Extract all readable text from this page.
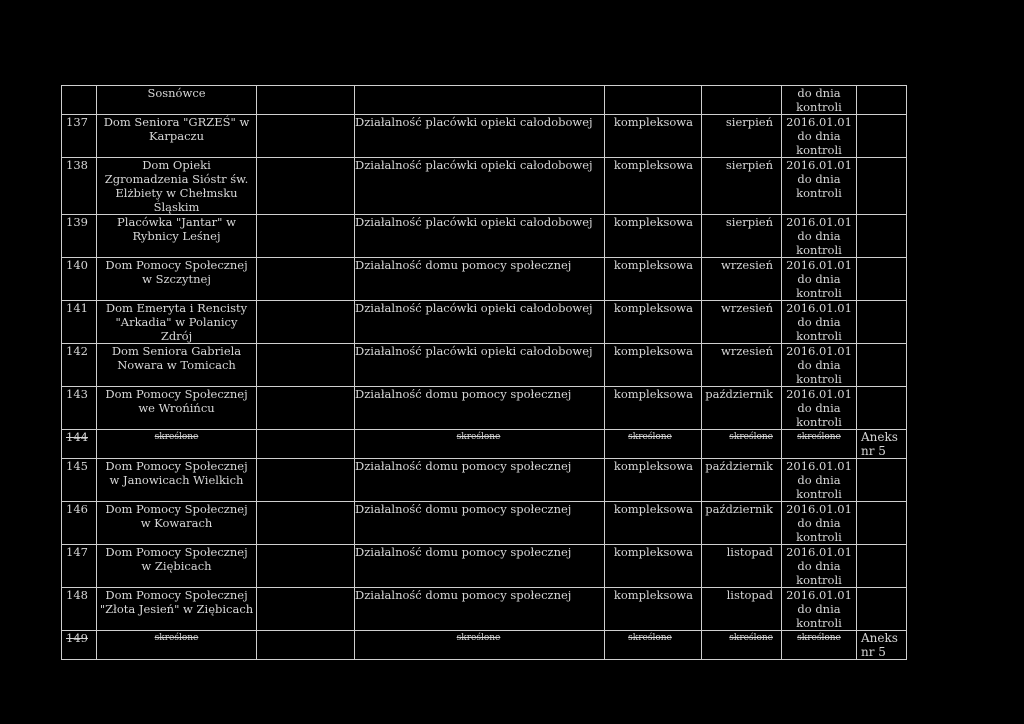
	Sosnówce					do dnia kontroli	
137	Dom Seniora "GRZEŚ" w Karpaczu		Działalność placówki opieki całodobowej	kompleksowa	sierpień	2016.01.01 do dnia kontroli	
138	Dom Opieki Zgromadzenia Sióstr św. Elżbiety w Chełmsku Śląskim		Działalność placówki opieki całodobowej	kompleksowa	sierpień	2016.01.01 do dnia kontroli	
139	Placówka "Jantar" w Rybnicy Leśnej		Działalność placówki opieki całodobowej	kompleksowa	sierpień	2016.01.01 do dnia kontroli	
140	Dom Pomocy Społecznej w Szczytnej		Działalność domu pomocy społecznej	kompleksowa	wrzesień	2016.01.01 do dnia kontroli	
141	Dom Emeryta i Rencisty "Arkadia" w Polanicy Zdrój		Działalność placówki opieki całodobowej	kompleksowa	wrzesień	2016.01.01 do dnia kontroli	
142	Dom Seniora Gabriela Nowara w Tomicach		Działalność placówki opieki całodobowej	kompleksowa	wrzesień	2016.01.01 do dnia kontroli	
143	Dom Pomocy Społecznej we Wrońińcu		Działalność domu pomocy społecznej	kompleksowa	październik	2016.01.01 do dnia kontroli	
144	skreślone		skreślone	skreślone	skreślone	skreślone	Aneks nr 5
145	Dom Pomocy Społecznej w Janowicach Wielkich		Działalność domu pomocy społecznej	kompleksowa	październik	2016.01.01 do dnia kontroli	
146	Dom Pomocy Społecznej w Kowarach		Działalność domu pomocy społecznej	kompleksowa	październik	2016.01.01 do dnia kontroli	
147	Dom Pomocy Społecznej w Ziębicach		Działalność domu pomocy społecznej	kompleksowa	listopad	2016.01.01 do dnia kontroli	
148	Dom Pomocy Społecznej "Złota Jesień" w Ziębicach		Działalność domu pomocy społecznej	kompleksowa	listopad	2016.01.01 do dnia kontroli	
149	skreślone		skreślone	skreślone	skreślone	skreślone	Aneks nr 5
